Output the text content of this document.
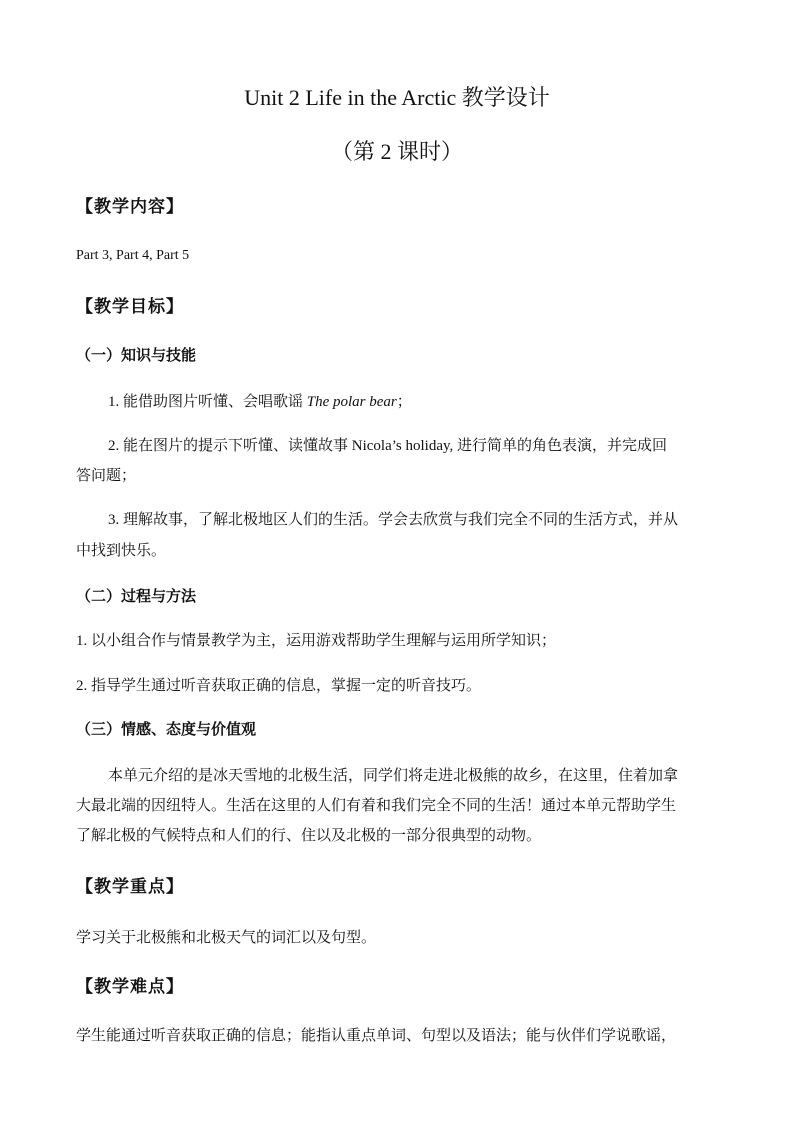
Unit 2 Life in the Arctic 教学设计
（第 2 课时）
【教学内容】
Part 3, Part 4, Part 5
【教学目标】
（一）知识与技能
1. 能借助图片听懂、会唱歌谣 The polar bear；
2. 能在图片的提示下听懂、读懂故事 Nicola’s holiday, 进行简单的角色表演，并完成回
答问题；
3. 理解故事，了解北极地区人们的生活。学会去欣赏与我们完全不同的生活方式，并从
中找到快乐。
（二）过程与方法
1. 以小组合作与情景教学为主，运用游戏帮助学生理解与运用所学知识；
2. 指导学生通过听音获取正确的信息，掌握一定的听音技巧。
（三）情感、态度与价值观
本单元介绍的是冰天雪地的北极生活，同学们将走进北极熊的故乡，在这里，住着加拿
大最北端的因纽特人。生活在这里的人们有着和我们完全不同的生活！通过本单元帮助学生
了解北极的气候特点和人们的行、住以及北极的一部分很典型的动物。
【教学重点】
学习关于北极熊和北极天气的词汇以及句型。
【教学难点】
学生能通过听音获取正确的信息；能指认重点单词、句型以及语法；能与伙伴们学说歌谣，
